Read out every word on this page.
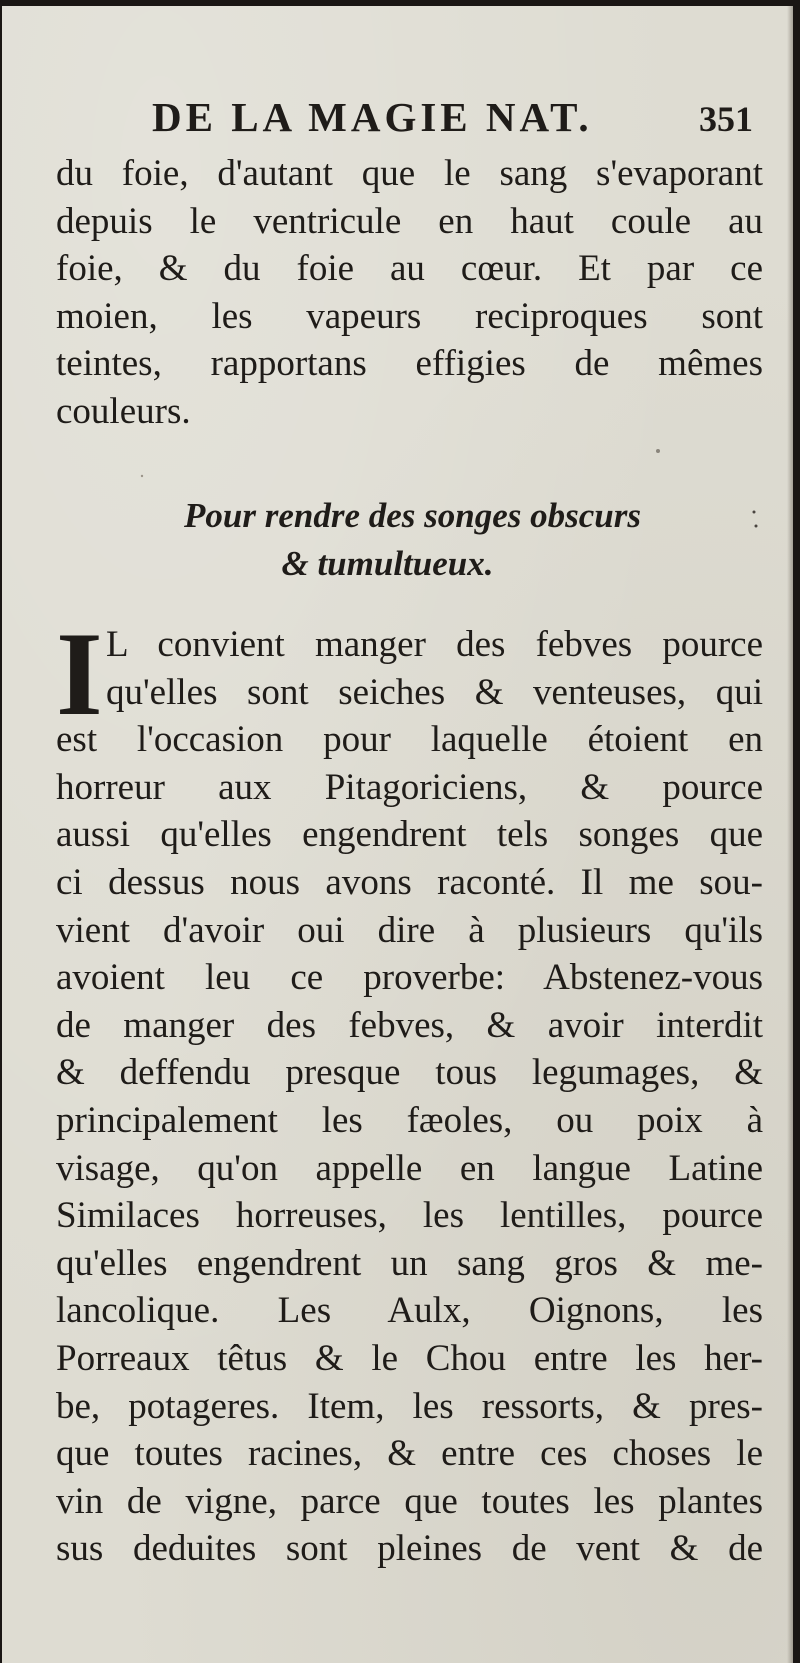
DE LA MAGIE NAT.	351
du foie, d'autant que le sang s'evaporant
depuis le ventricule en haut coule au
foie, & du foie au cœur. Et par ce
moien, les vapeurs reciproques sont
teintes, rapportans effigies de mêmes
couleurs.
Pour rendre des songes obscurs
& tumultueux.
I L convient manger des febves pource
qu'elles sont seiches & venteuses, qui
est l'occasion pour laquelle étoient en
horreur aux Pitagoriciens, & pource
aussi qu'elles engendrent tels songes que
ci dessus nous avons raconté. Il me sou-
vient d'avoir oui dire à plusieurs qu'ils
avoient leu ce proverbe: Abstenez-vous
de manger des febves, & avoir interdit
& deffendu presque tous legumages, &
principalement les fæoles, ou poix à
visage, qu'on appelle en langue Latine
Similaces horreuses, les lentilles, pource
qu'elles engendrent un sang gros & me-
lancolique. Les Aulx, Oignons, les
Porreaux têtus & le Chou entre les her-
be, potageres. Item, les ressorts, & pres-
que toutes racines, & entre ces choses le
vin de vigne, parce que toutes les plantes
sus deduites sont pleines de vent & de
